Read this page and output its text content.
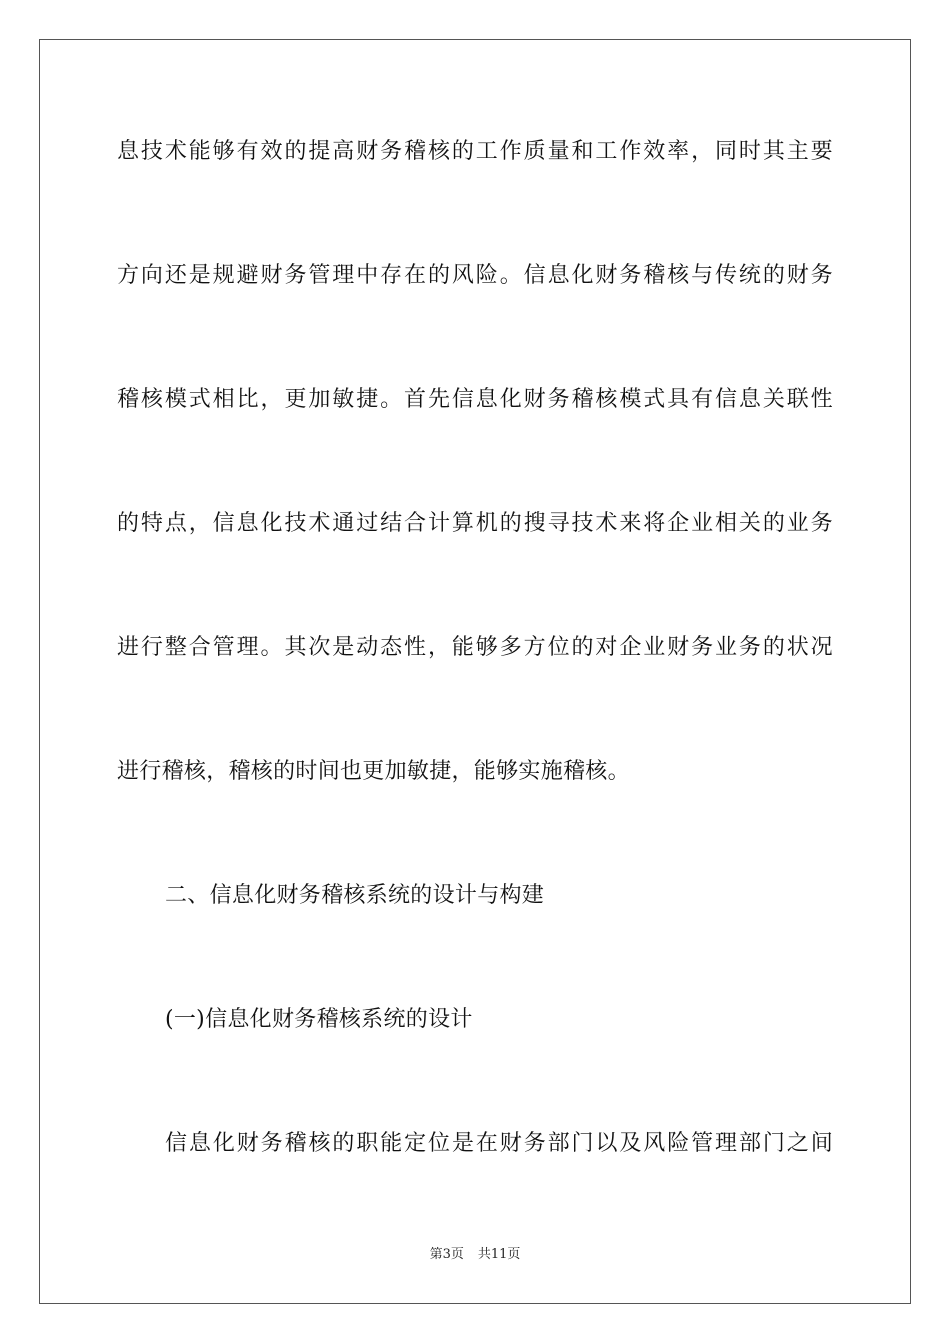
息技术能够有效的提高财务稽核的工作质量和工作效率，同时其主要
方向还是规避财务管理中存在的风险。信息化财务稽核与传统的财务
稽核模式相比，更加敏捷。首先信息化财务稽核模式具有信息关联性
的特点，信息化技术通过结合计算机的搜寻技术来将企业相关的业务
进行整合管理。其次是动态性，能够多方位的对企业财务业务的状况
进行稽核，稽核的时间也更加敏捷，能够实施稽核。
二、信息化财务稽核系统的设计与构建
(一)信息化财务稽核系统的设计
信息化财务稽核的职能定位是在财务部门以及风险管理部门之间
第3页 共11页
